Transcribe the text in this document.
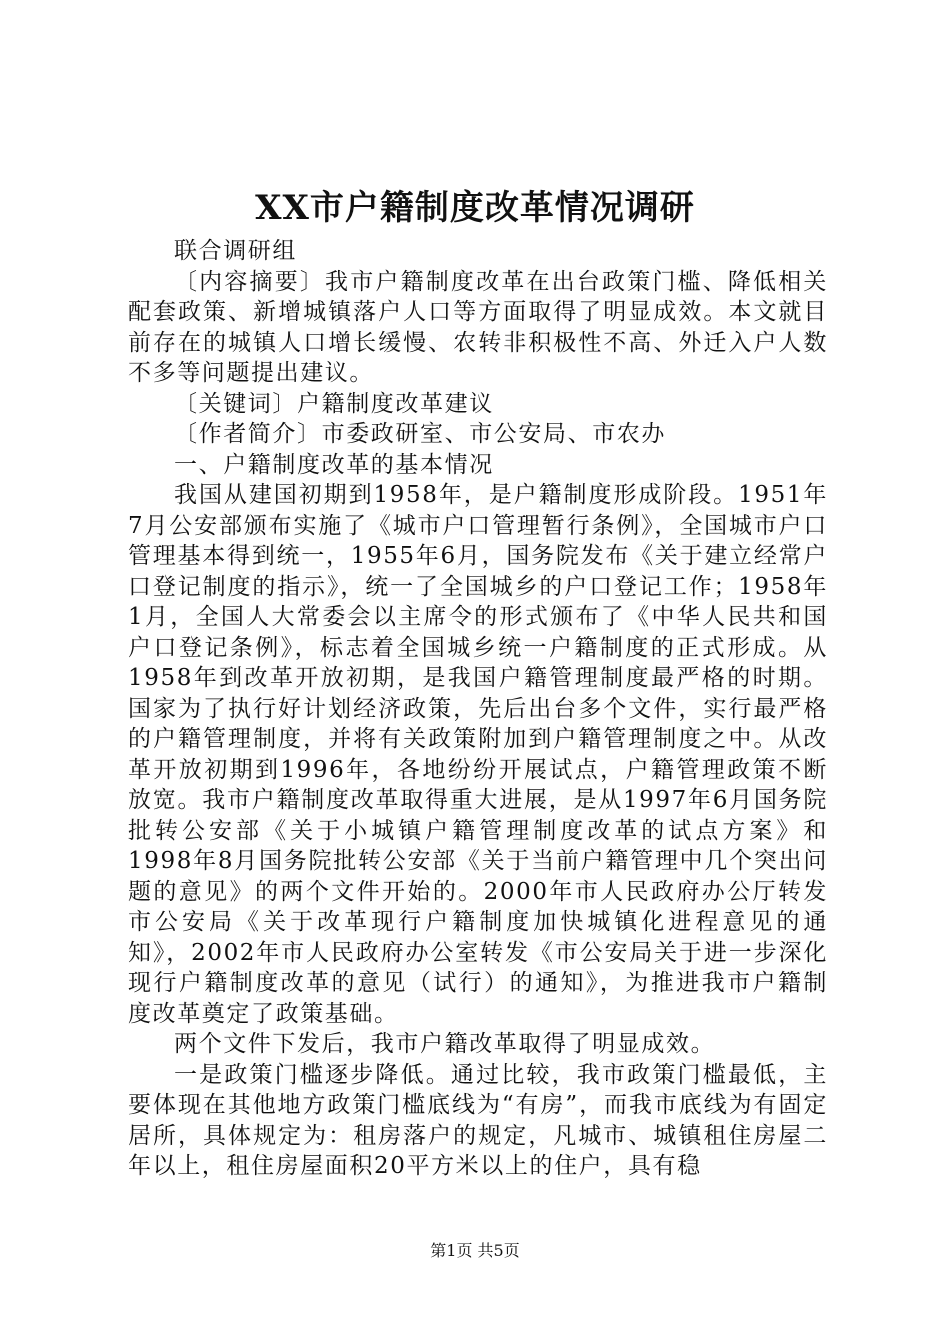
XX市户籍制度改革情况调研

联合调研组

〔内容摘要〕我市户籍制度改革在出台政策门槛、降低相关配套政策、新增城镇落户人口等方面取得了明显成效。本文就目前存在的城镇人口增长缓慢、农转非积极性不高、外迁入户人数不多等问题提出建议。

〔关键词〕户籍制度改革建议

〔作者简介〕市委政研室、市公安局、市农办

一、户籍制度改革的基本情况

我国从建国初期到1958年，是户籍制度形成阶段。1951年7月公安部颁布实施了《城市户口管理暂行条例》，全国城市户口管理基本得到统一，1955年6月，国务院发布《关于建立经常户口登记制度的指示》，统一了全国城乡的户口登记工作；1958年1月，全国人大常委会以主席令的形式颁布了《中华人民共和国户口登记条例》，标志着全国城乡统一户籍制度的正式形成。从1958年到改革开放初期，是我国户籍管理制度最严格的时期。国家为了执行好计划经济政策，先后出台多个文件，实行最严格的户籍管理制度，并将有关政策附加到户籍管理制度之中。从改革开放初期到1996年，各地纷纷开展试点，户籍管理政策不断放宽。我市户籍制度改革取得重大进展，是从1997年6月国务院批转公安部《关于小城镇户籍管理制度改革的试点方案》和1998年8月国务院批转公安部《关于当前户籍管理中几个突出问题的意见》的两个文件开始的。2000年市人民政府办公厅转发市公安局《关于改革现行户籍制度加快城镇化进程意见的通知》，2002年市人民政府办公室转发《市公安局关于进一步深化现行户籍制度改革的意见（试行）的通知》，为推进我市户籍制度改革奠定了政策基础。

两个文件下发后，我市户籍改革取得了明显成效。

一是政策门槛逐步降低。通过比较，我市政策门槛最低，主要体现在其他地方政策门槛底线为“有房”，而我市底线为有固定居所，具体规定为：租房落户的规定，凡城市、城镇租住房屋二年以上，租住房屋面积20平方米以上的住户，具有稳

第1页 共5页
